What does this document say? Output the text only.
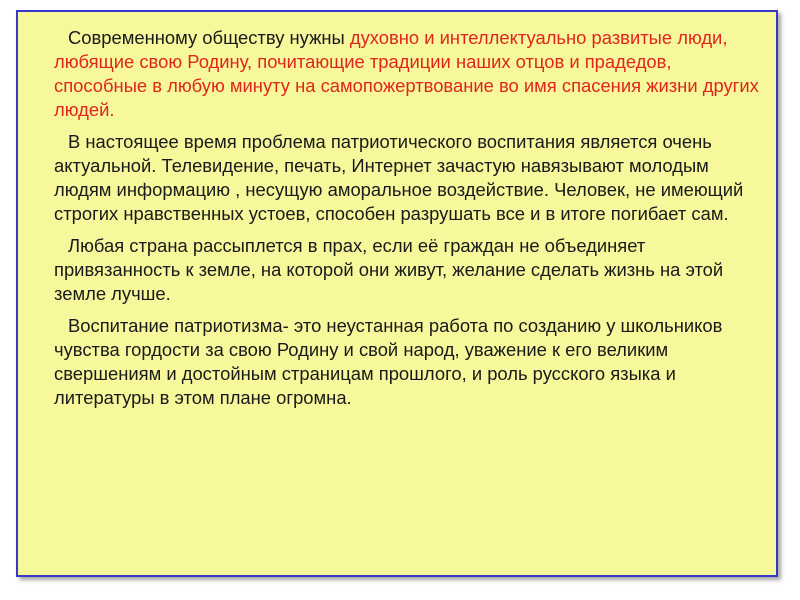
Современному обществу нужны духовно и интеллектуально развитые люди, любящие свою Родину, почитающие традиции наших отцов и прадедов, способные в любую минуту на самопожертвование во имя спасения жизни других людей.

В настоящее время проблема патриотического воспитания является очень актуальной. Телевидение, печать, Интернет зачастую навязывают молодым людям информацию , несущую аморальное воздействие. Человек, не имеющий строгих нравственных устоев, способен разрушать все и в итоге погибает сам.

Любая страна рассыплется в прах, если её граждан не объединяет привязанность к земле, на которой они живут, желание сделать жизнь на этой земле лучше.

Воспитание патриотизма- это неустанная работа по созданию у школьников чувства гордости за свою Родину и свой народ, уважение к его великим свершениям и достойным страницам прошлого, и роль русского языка и литературы в этом плане огромна.
